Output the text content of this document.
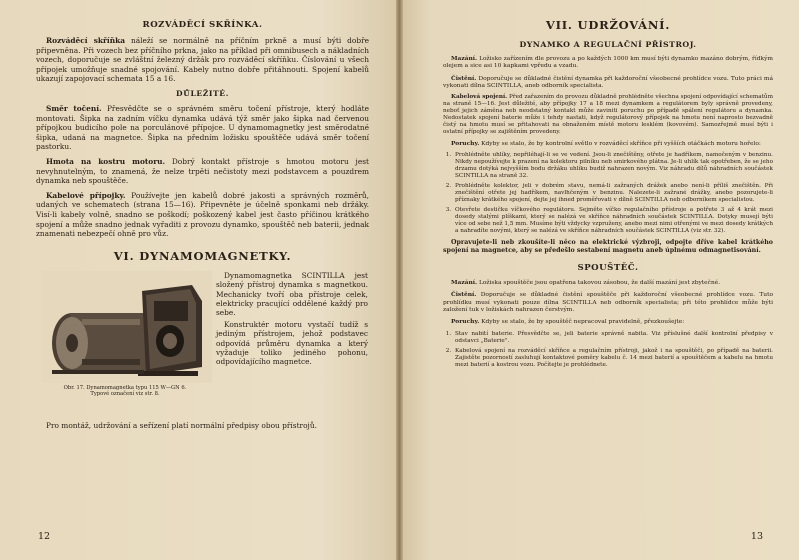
ROZVÁDĚCÍ SKŘÍNKA.

Rozváděcí skříňka náleží se normálně na příčním prkně a musí býti dobře připevněna. Při vozech bez příčního prkna, jako na příklad při omnibusech a nákladních vozech, doporučuje se zvláštní železný držák pro rozváděcí skříňku. Číslování u všech přípojek umožňuje snadné spojování. Kabely nutno dobře přitáhnouti. Spojení kabelů ukazují zapojovací schemata 15 a 16.

DŮLEŽITÉ.

Směr točení. Přesvědčte se o správném směru točení přístroje, který hodláte montovati. Šipka na zadním víčku dynamka udává týž směr jako šipka nad červenou přípojkou budicího pole na porculánové přípojce. U dynamomagnetky jest směrodatné šipka, udaná na magnetce. Šipka na předním ložisku spouštěče udává směr točení pastorku.

Hmota na kostru motoru. Dobrý kontakt přístroje s hmotou motoru jest nevyhnutelným, to znamená, že nelze trpěti nečistoty mezi podstavcem a pouzdrem dynamka neb spouštěče.

Kabelové přípojky. Používejte jen kabelů dobré jakosti a správných rozměrů, udaných ve schematech (strana 15—16). Připevněte je účelně sponkami neb držáky. Visí-li kabely volně, snadno se poškodí; poškozený kabel jest často příčinou krátkého spojení a může snadno jednak vyřaditi z provozu dynamko, spouštěč neb baterii, jednak znamenati nebezpečí ohně pro vůz.

VI. DYNAMOMAGNETKY.
Obr. 17. Dynamomagnetka typu 115 W—GN 6.
Typové označení viz str. 8.

Dynamomagnetka SCINTILLA jest složený přístroj dynamka s magnetkou. Mechanicky tvoří oba přístroje celek, elektricky pracující oddělené každý pro sebe.

Konstruktér motoru vystačí tudíž s jediným přístrojem, jehož podstavec odpovídá průměru dynamka a který vyžaduje toliko jediného pohonu, odpovídajícího magnetce.

Pro montáž, udržování a seřízení platí normální předpisy obou přístrojů.

12
VII. UDRŽOVÁNÍ.
DYNAMKO A REGULAČNÍ PŘÍSTROJ.

Mazání. Ložisko zařízením dle provozu a po každých 1000 km musí býti dynamko mazáno dobrým, řídkým olejem a sice asi 10 kapkami vpředu a vzadu.

Čistění. Doporučuje se důkladné čistění dynamka při každoroční všeobecné prohlídce vozu. Tuto práci má vykonati dílna SCINTILLA, aneb odborník specialista.

Kabelová spojení. Před zařazením do provozu důkladně prohlédněte všechna spojení odpovídající schematům na straně 15—16. Jest důležité, aby přípojky 17 a 18 mezi dynamkem a regulátorem byly správně provedeny, neboť jejich záměna neb neodstatný kontakt může zaviniti poruchu po případě spálení regulátoru a dynamka. Nedostatek spojení baterie může i tehdy nastati, když regulátorový přípojek na hmotu není naprosto bezvadně čistý na hmotu musí se přitahovati na obnaženém místě motoru lesklém (kovovém). Samozřejmě musí býti i ostatní přípojky se zajištěním provedeny.

Poruchy. Kdyby se stalo, že by kontrolní světlo v rozváděcí skříňce při vyšších otáčkách motoru hořelo:

1. Prohlédněte uhlíky, nepřiléhají-li se ve vedení. Jsou-li znečištěny, otřete je hadříkem, namočeným v benzinu. Nikdy nepoužívejte k prazení na kolektoru pilníku neb smirkového plátna. Je-li uhlík tak opotřeben, že se jeho drzamu dotýká nejvyšším bodu držáku uhlíku budiž nahrazen novým. Viz náhradu dílů náhradních součástek SCINTILLA na straně 32.
2. Prohlédněte kolektor, jeli v dobrém stavu, nemá-li zažraných drážek anebo není-li příliš znečištěn. Při znečištění otřete jej hadříkem, navlhčeným v benzinu. Nalezete-li zažrané drážky, anebo pozorujete-li příznaky krátkého spojení, dejte jej ihned proměřovati v dílně SCINTILLA neb odborníkem specialistou.
3. Otevřete destičku víčkového regulátoru. Sejměte víčko regulačního přístroje a potřete 3 až 4 krát mezi dosedy stalými plíškami, který se nalézá ve skříňce náhradních součástek SCINTILLA. Dotyky musejí býti více od sebe než 1,5 mm. Musíme býti vždycky vzpruženy, anebo mezi nimi otřenými ve mezi dosedy krátkých a nahradíte novými, který se nalézá ve skříňce náhradních součástek SCINTILLA (viz str. 32).

Opravujete-li neb zkoušíte-li něco na elektrické výzbroji, odpojte dříve kabel krátkého spojení na magnetce, aby se předešlo sestabení magnetu aneb úplnému odmagnetisování.

SPOUŠTĚČ.

Mazání. Ložiska spouštěče jsou opatřena takovou zásobou, že další mazání jest zbytečné.

Čistění. Doporučuje se důkladné čistění spouštěče při každoroční všeobecné prohlídce vozu. Tuto prohlídku musí vykonati pouze dílna SCINTILLA neb odborník specialista; při této prohlídce může býti založení tuk v ložiskách nahrazen čerstvým.

Poruchy. Kdyby se stalo, že by spouštěč nepracoval pravidelně, přezkoušejte:

1. Stav nabití baterie. Přesvědčte se, jeli baterie správně nabita. Viz příslušné další kontrolní předpisy v odstavci „Baterie".
2. Kabelová spojení na rozváděcí skříňce a regulačním přístroji, jakož i na spouštěči, po případě na baterii. Zajistěte pozorností zasluhují kontaktové poměry kabelu č. 14 mezi baterií a spouštěčem a kabelu na hmotu mezi baterií a kostrou vozu. Počítejte je prohlédnete.
13
